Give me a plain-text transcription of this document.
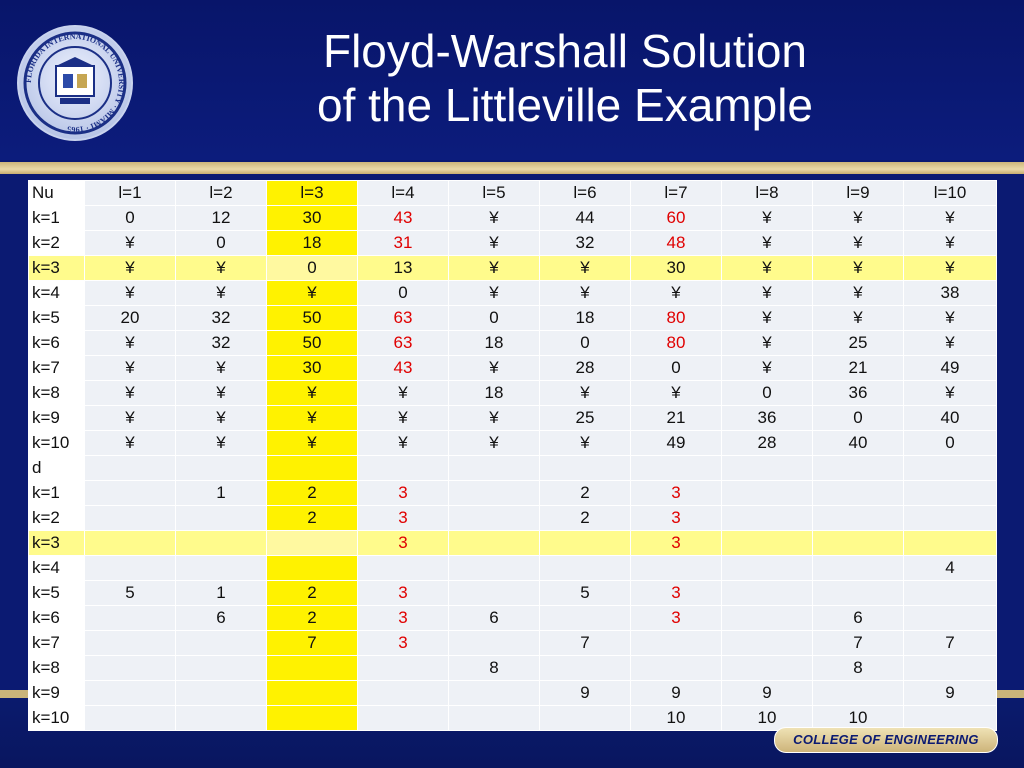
FLORIDA INTERNATIONAL UNIVERSITY · MIAMI · 1965
Floyd-Warshall Solution
of the Littleville Example
Nu	l=1	l=2	l=3	l=4	l=5	l=6	l=7	l=8	l=9	l=10
k=1	0	12	30	43	¥	44	60	¥	¥	¥
k=2	¥	0	18	31	¥	32	48	¥	¥	¥
k=3	¥	¥	0	13	¥	¥	30	¥	¥	¥
k=4	¥	¥	¥	0	¥	¥	¥	¥	¥	38
k=5	20	32	50	63	0	18	80	¥	¥	¥
k=6	¥	32	50	63	18	0	80	¥	25	¥
k=7	¥	¥	30	43	¥	28	0	¥	21	49
k=8	¥	¥	¥	¥	18	¥	¥	0	36	¥
k=9	¥	¥	¥	¥	¥	25	21	36	0	40
k=10	¥	¥	¥	¥	¥	¥	49	28	40	0
d										
k=1		1	2	3		2	3			
k=2			2	3		2	3			
k=3				3			3			
k=4										4
k=5	5	1	2	3		5	3			
k=6		6	2	3	6		3		6	
k=7			7	3		7			7	7
k=8					8				8	
k=9						9	9	9		9
k=10							10	10	10	
COLLEGE OF ENGINEERING
